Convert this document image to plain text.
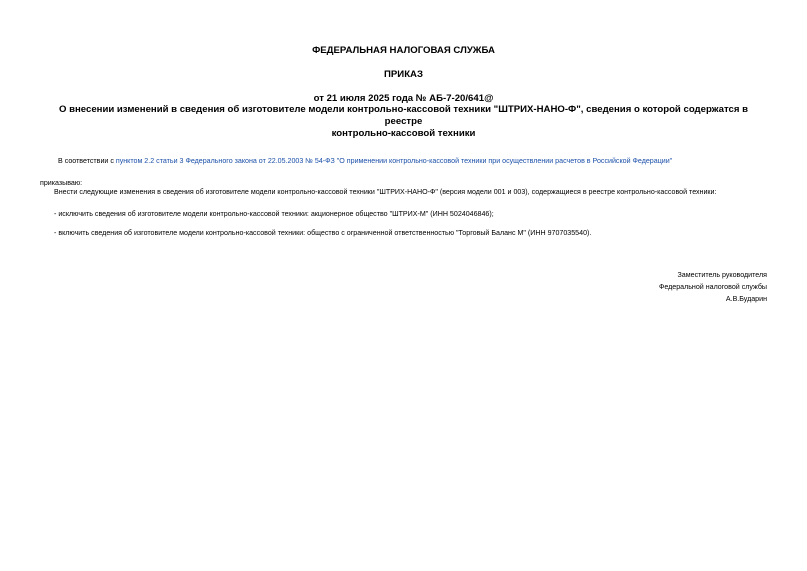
ФЕДЕРАЛЬНАЯ НАЛОГОВАЯ СЛУЖБА
ПРИКАЗ
от 21 июля 2025 года № АБ-7-20/641@
О внесении изменений в сведения об изготовителе модели контрольно-кассовой техники "ШТРИХ-НАНО-Ф", сведения о которой содержатся в реестре
контрольно-кассовой техники
В соответствии с пунктом 2.2 статьи 3 Федерального закона от 22.05.2003 № 54-ФЗ "О применении контрольно-кассовой техники при осуществлении расчетов в Российской Федерации"
приказываю:
Внести следующие изменения в сведения об изготовителе модели контрольно-кассовой техники "ШТРИХ-НАНО-Ф" (версия модели 001 и 003), содержащиеся в реестре контрольно-кассовой техники:
- исключить сведения об изготовителе модели контрольно-кассовой техники: акционерное общество "ШТРИХ-М" (ИНН 5024046846);
- включить сведения об изготовителе модели контрольно-кассовой техники: общество с ограниченной ответственностью "Торговый Баланс М" (ИНН 9707035540).
Заместитель руководителя
Федеральной налоговой службы
А.В.Бударин
